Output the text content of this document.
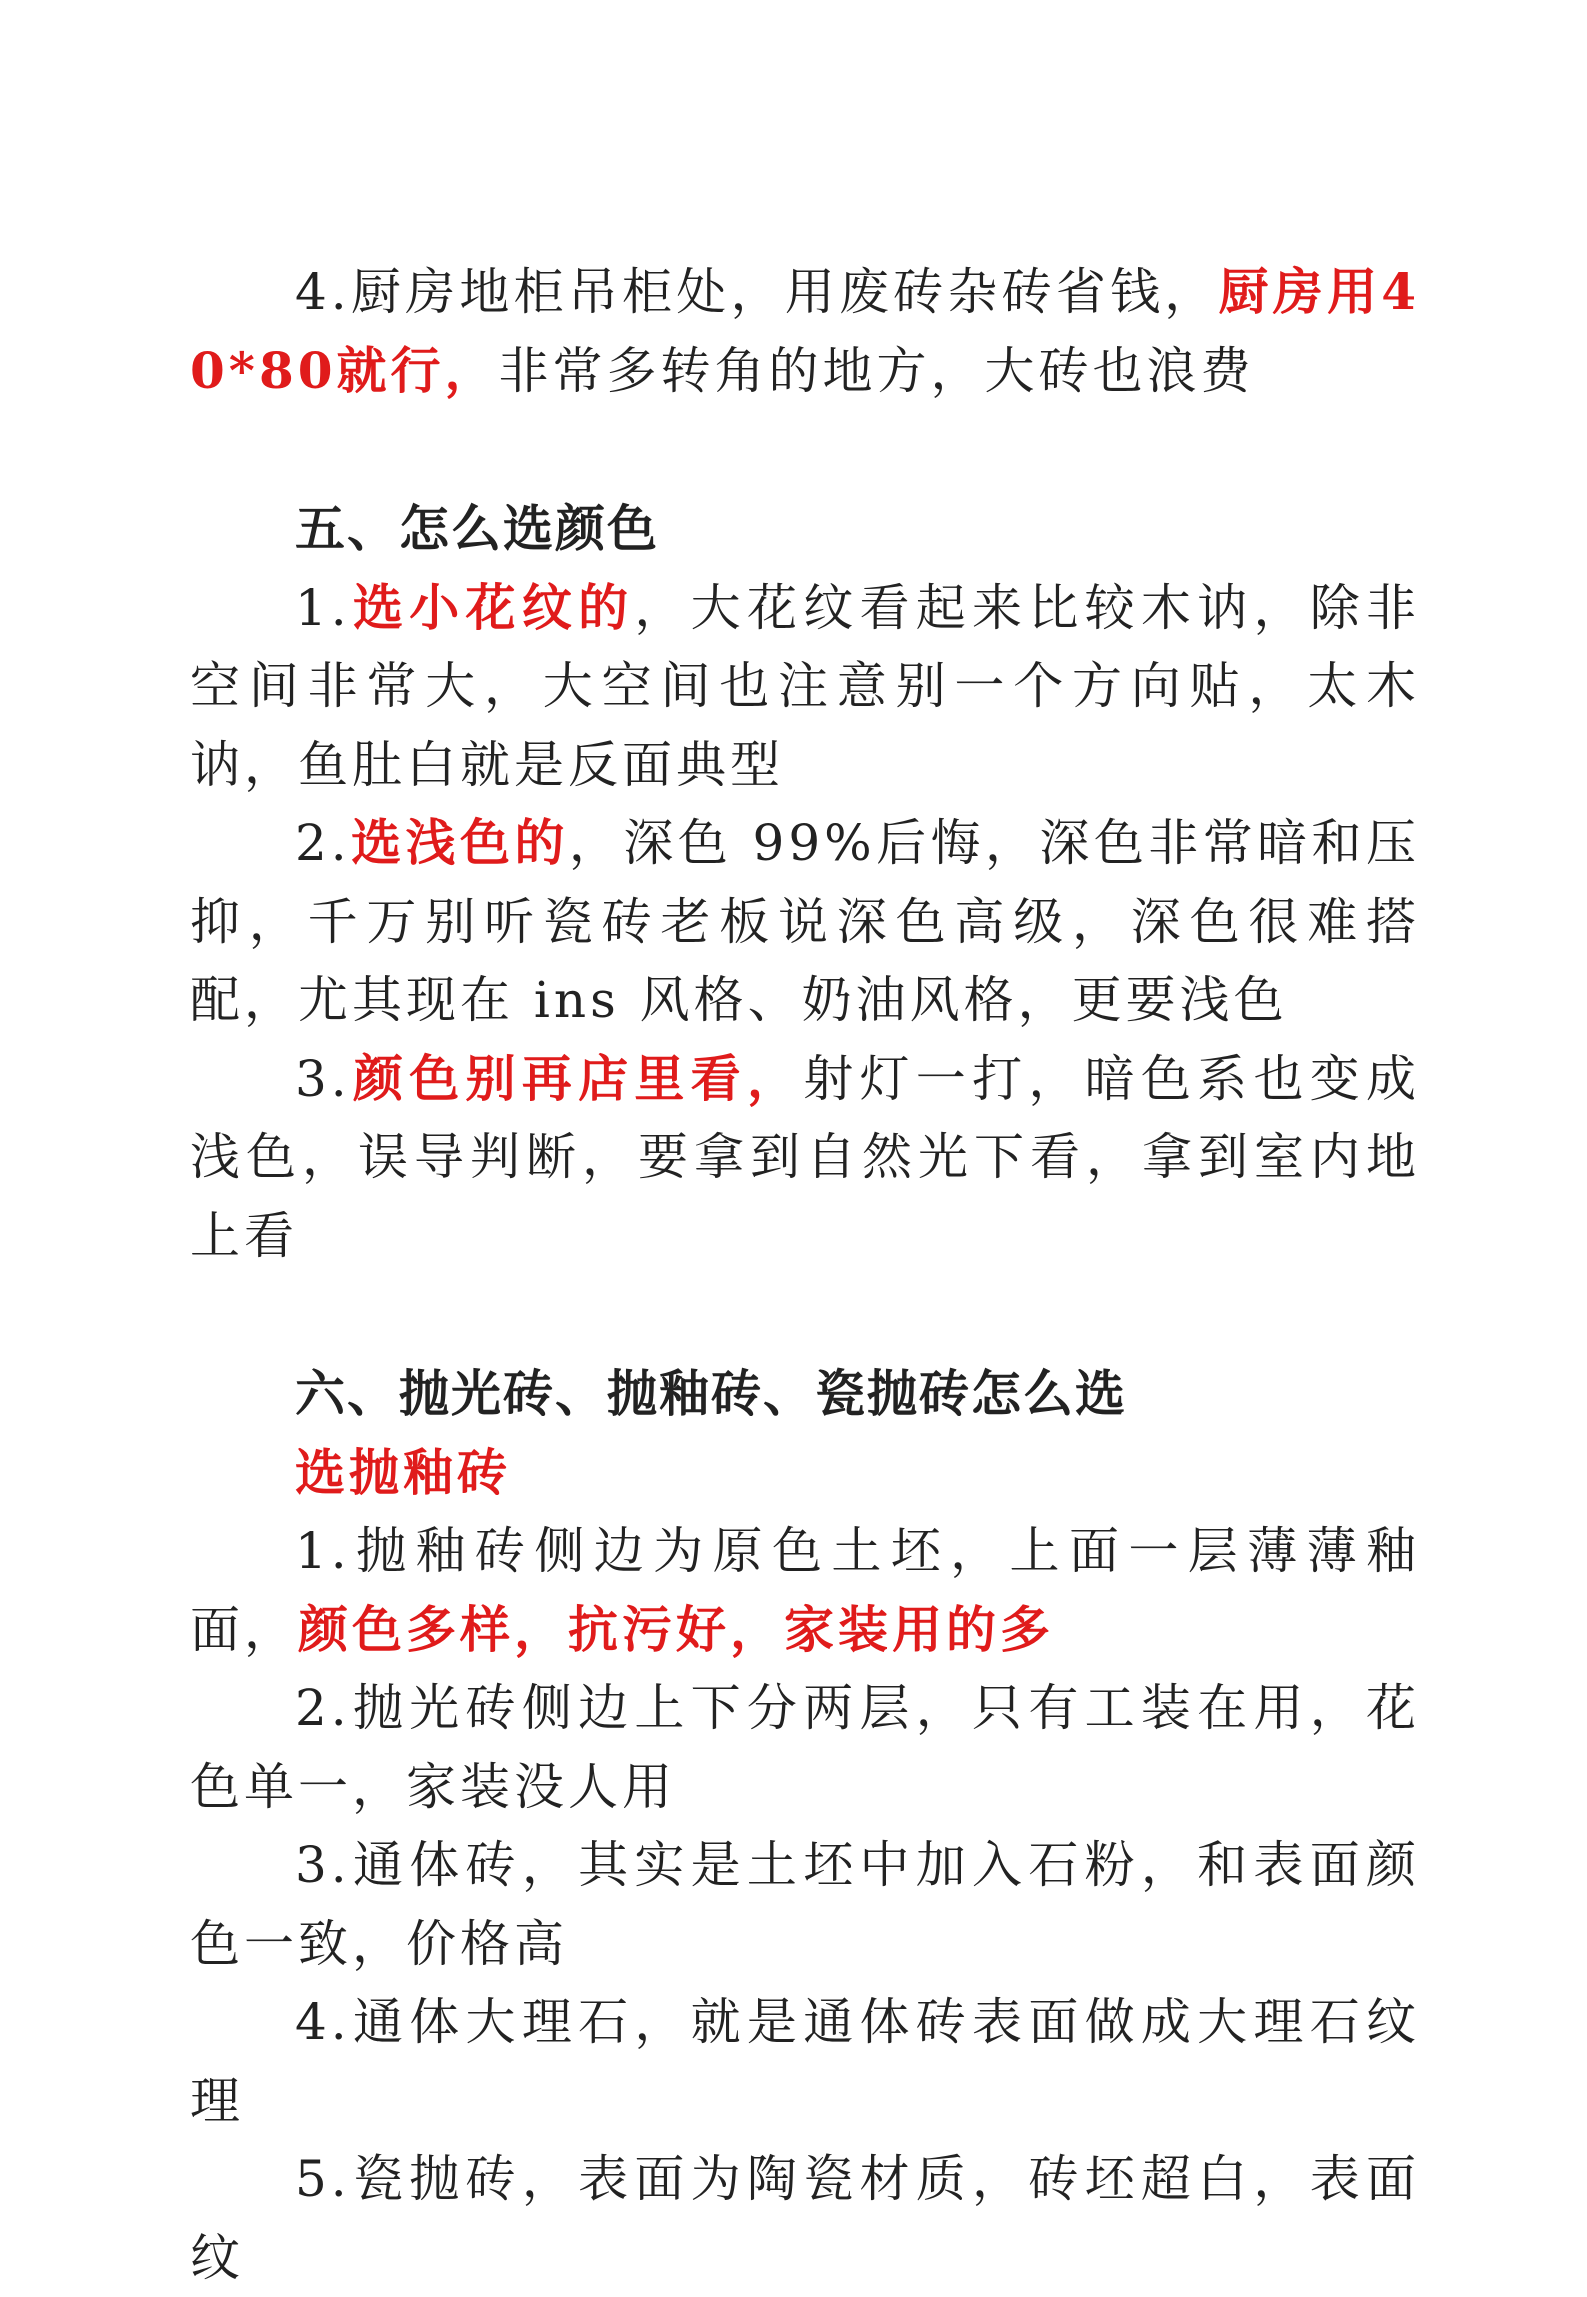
4.厨房地柜吊柜处，用废砖杂砖省钱，厨房用40*80就行，非常多转角的地方，大砖也浪费

五、怎么选颜色

1.选小花纹的，大花纹看起来比较木讷，除非空间非常大，大空间也注意别一个方向贴，太木讷，鱼肚白就是反面典型

2.选浅色的，深色 99%后悔，深色非常暗和压抑，千万别听瓷砖老板说深色高级，深色很难搭配，尤其现在 ins 风格、奶油风格，更要浅色

3.颜色别再店里看，射灯一打，暗色系也变成浅色，误导判断，要拿到自然光下看，拿到室内地上看

六、抛光砖、抛釉砖、瓷抛砖怎么选

选抛釉砖

1.抛釉砖侧边为原色土坯，上面一层薄薄釉面，颜色多样，抗污好，家装用的多

2.抛光砖侧边上下分两层，只有工装在用，花色单一，家装没人用

3.通体砖，其实是土坯中加入石粉，和表面颜色一致，价格高

4.通体大理石，就是通体砖表面做成大理石纹理

5.瓷抛砖，表面为陶瓷材质，砖坯超白，表面纹
